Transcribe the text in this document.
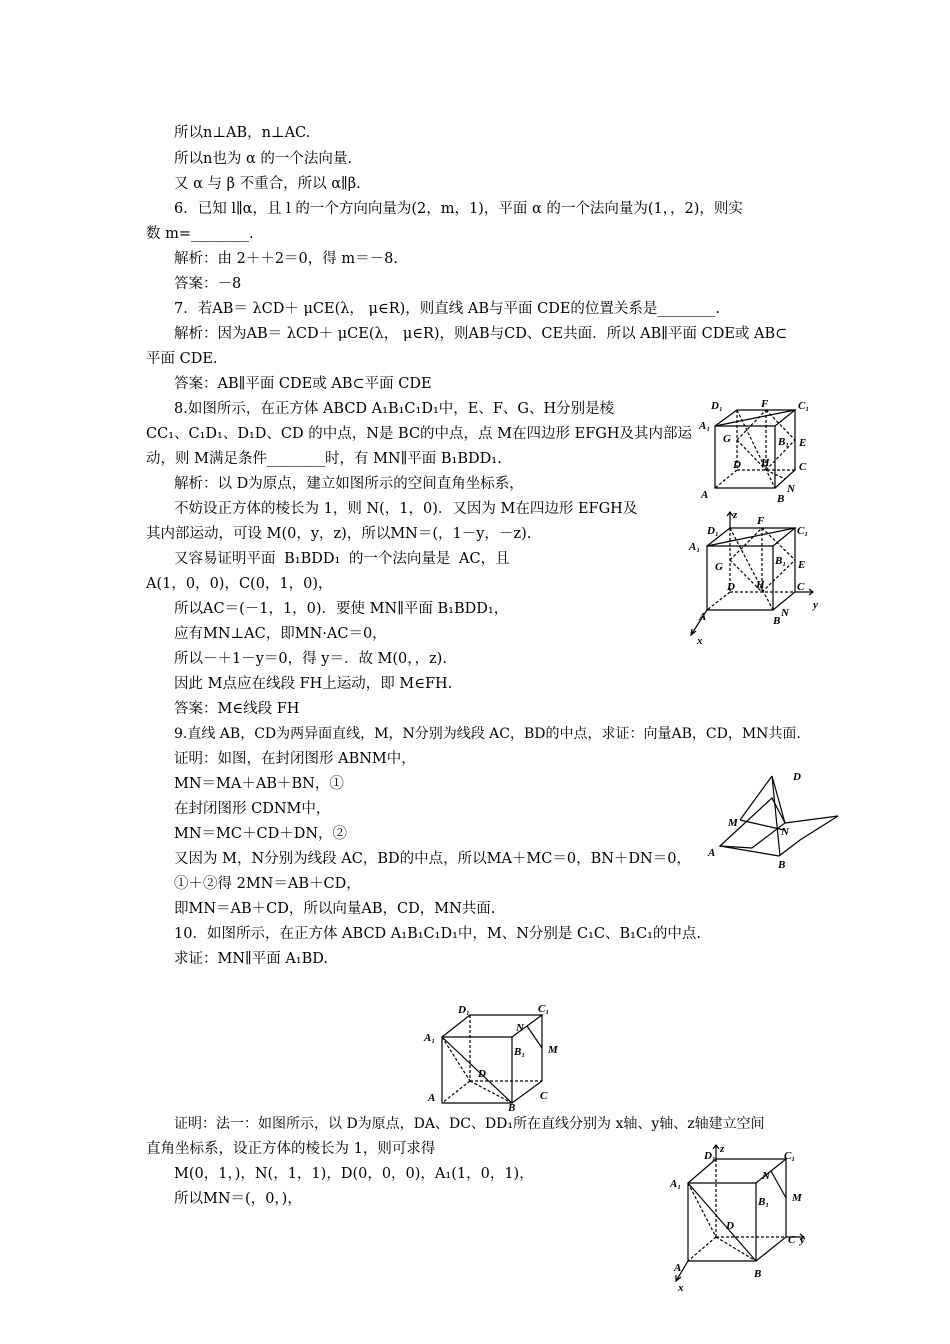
所以n⊥AB，n⊥AC.
所以n也为 α 的一个法向量.
又 α 与 β 不重合，所以 α∥β.
6．已知 l∥α，且 l 的一个方向向量为(2，m，1)，平面 α 的一个法向量为(1，，2)，则实
数 m=________.
解析：由 2＋＋2＝0，得 m＝－8.
答案：－8
7．若AB＝ λCD＋ μCE(λ， μ∈R)，则直线 AB与平面 CDE的位置关系是________.
解析：因为AB＝ λCD＋ μCE(λ， μ∈R)，则AB与CD、CE共面．所以 AB∥平面 CDE或 AB⊂
平面 CDE.
答案：AB∥平面 CDE或 AB⊂平面 CDE
8.如图所示，在正方体 ABCD A₁B₁C₁D₁中，E、F、G、H分别是棱
CC₁、C₁D₁、D₁D、CD 的中点，N是 BC的中点，点 M在四边形 EFGH及其内部运
动，则 M满足条件________时，有 MN∥平面 B₁BDD₁.
解析：以 D为原点，建立如图所示的空间直角坐标系，
不妨设正方体的棱长为 1，则 N(，1，0)．又因为 M在四边形 EFGH及
其内部运动，可设 M(0，y，z)，所以MN＝(，1－y，－z).
又容易证明平面 B₁BDD₁ 的一个法向量是 AC，且
A(1，0，0)，C(0，1，0)，
所以AC＝(－1，1，0)．要使 MN∥平面 B₁BDD₁，
应有MN⊥AC，即MN·AC＝0，
所以－＋1－y＝0，得 y＝．故 M(0，，z).
因此 M点应在线段 FH上运动，即 M∈FH.
答案：M∈线段 FH
9.直线 AB，CD为两异面直线，M，N分别为线段 AC，BD的中点，求证：向量AB，CD，MN共面.
证明：如图，在封闭图形 ABNM中，
MN＝MA＋AB＋BN，①
在封闭图形 CDNM中，
MN＝MC＋CD＋DN，②
又因为 M，N分别为线段 AC，BD的中点，所以MA＋MC＝0，BN＋DN＝0，
①＋②得 2MN＝AB＋CD，
即MN＝AB＋CD，所以向量AB，CD，MN共面.
10．如图所示，在正方体 ABCD A₁B₁C₁D₁中，M、N分别是 C₁C、B₁C₁的中点.
求证：MN∥平面 A₁BD.
证明：法一：如图所示，以 D为原点，DA、DC、DD₁所在直线分别为 x轴、y轴、z轴建立空间
直角坐标系，设正方体的棱长为 1，则可求得
M(0，1，)，N(，1，1)，D(0，0，0)，A₁(1，0，1)，
所以MN＝(，0，)，
D₁	F	C₁
A₁
B₁
G	E
D H	C
A	N
B
D₁
z F
C₁
A₁
B₁
G	E
D H	C
y
A	N
B
x
D
M
N
A
B
D₁	C₁
N
M
A₁
B₁
D
C
A
B
D₁
z
C₁
N
M
A₁
B₁
D
C y
A	B
x
